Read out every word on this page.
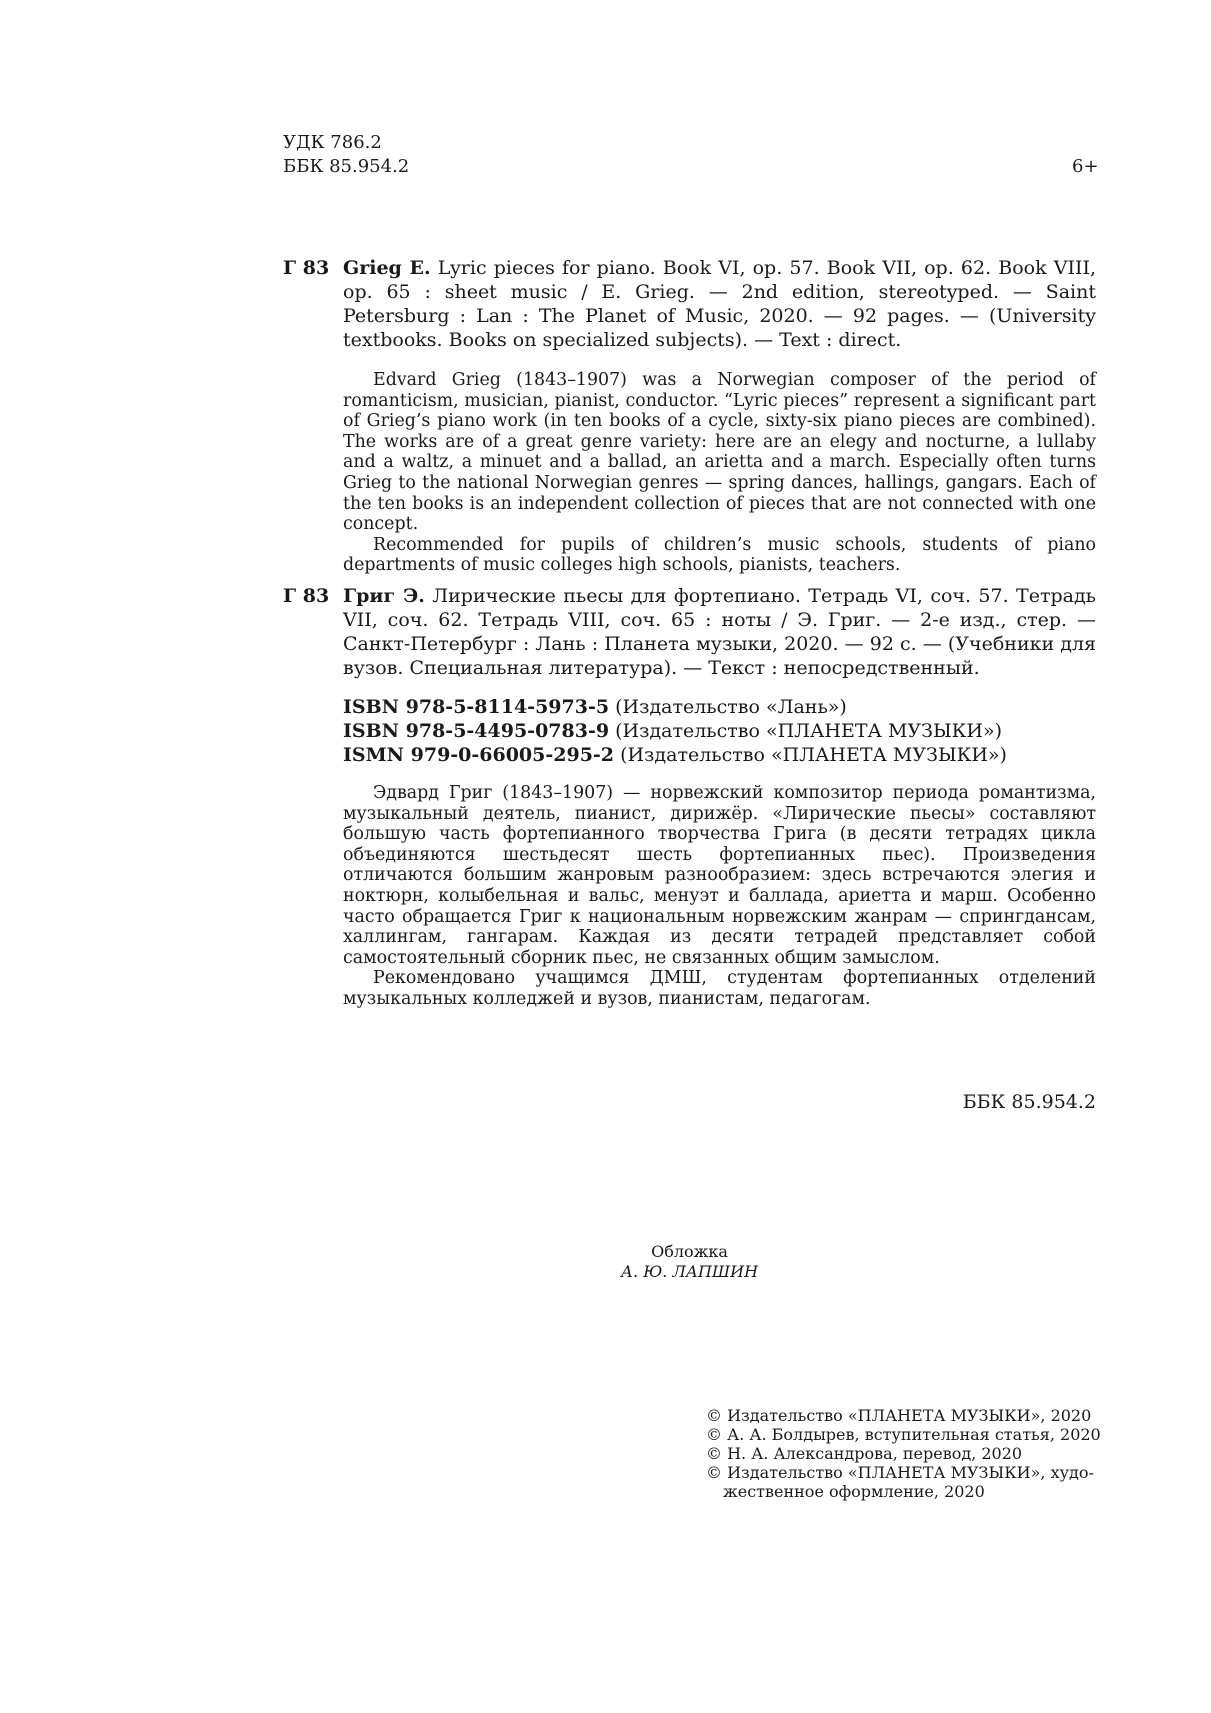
УДК 786.2
ББК 85.954.2	6+
Г 83 Grieg E. Lyric pieces for piano. Book VI, op. 57. Book VII, op. 62. Book VIII, op. 65 : sheet music / E. Grieg. — 2nd edition, stereotyped. — Saint Petersburg : Lan : The Planet of Music, 2020. — 92 pages. — (University textbooks. Books on specialized subjects). — Text : direct.

Edvard Grieg (1843–1907) was a Norwegian composer of the period of romanticism, musician, pianist, conductor. “Lyric pieces” represent a significant part of Grieg’s piano work (in ten books of a cycle, sixty-six piano pieces are combined). The works are of a great genre variety: here are an elegy and nocturne, a lullaby and a waltz, a minuet and a ballad, an arietta and a march. Especially often turns Grieg to the national Norwegian genres — spring dances, hallings, gangars. Each of the ten books is an independent collection of pieces that are not connected with one concept.

Recommended for pupils of children’s music schools, students of piano departments of music colleges high schools, pianists, teachers.

Г 83 Григ Э. Лирические пьесы для фортепиано. Тетрадь VI, соч. 57. Тетрадь VII, соч. 62. Тетрадь VIII, соч. 65 : ноты / Э. Григ. — 2-е изд., стер. — Санкт-Петербург : Лань : Планета музыки, 2020. — 92 с. — (Учебники для вузов. Специальная литература). — Текст : непосредственный.
ISBN 978-5-8114-5973-5 (Издательство «Лань»)
ISBN 978-5-4495-0783-9 (Издательство «ПЛАНЕТА МУЗЫКИ»)
ISMN 979-0-66005-295-2 (Издательство «ПЛАНЕТА МУЗЫКИ»)

Эдвард Григ (1843–1907) — норвежский композитор периода романтизма, музыкальный деятель, пианист, дирижёр. «Лирические пьесы» составляют большую часть фортепианного творчества Грига (в десяти тетрадях цикла объединяются шестьдесят шесть фортепианных пьес). Произведения отличаются большим жанровым разнообразием: здесь встречаются элегия и ноктюрн, колыбельная и вальс, менуэт и баллада, ариетта и марш. Особенно часто обращается Григ к национальным норвежским жанрам — спрингдансам, халлингам, гангарам. Каждая из десяти тетрадей представляет собой самостоятельный сборник пьес, не связанных общим замыслом.

Рекомендовано учащимся ДМШ, студентам фортепианных отделений музыкальных колледжей и вузов, пианистам, педагогам.

ББК 85.954.2
Обложка
А. Ю. ЛАПШИН
© Издательство «ПЛАНЕТА МУЗЫКИ», 2020
© А. А. Болдырев, вступительная статья, 2020
© Н. А. Александрова, перевод, 2020
© Издательство «ПЛАНЕТА МУЗЫКИ», худо-
жественное оформление, 2020
